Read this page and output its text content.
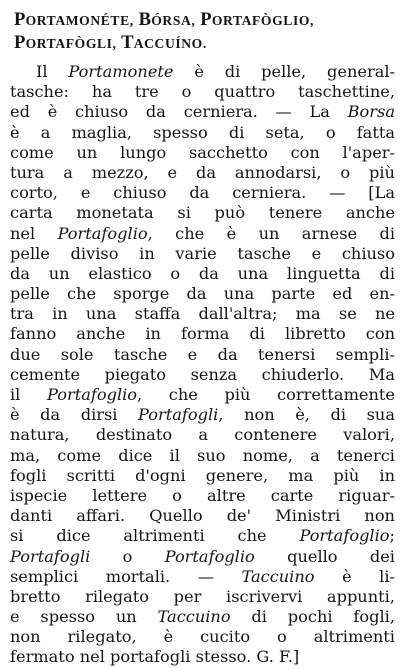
PORTAMONÉTE, BÓRSA, PORTAFÒGLIO,
PORTAFÒGLI, TACCUÍNO.
Il Portamonete è di pelle, general-
tasche: ha tre o quattro taschettine,
ed è chiuso da cerniera. — La Borsa
è a maglia, spesso di seta, o fatta
come un lungo sacchetto con l'aper-
tura a mezzo, e da annodarsi, o più
corto, e chiuso da cerniera. — [La
carta monetata si può tenere anche
nel Portafoglio, che è un arnese di
pelle diviso in varie tasche e chiuso
da un elastico o da una linguetta di
pelle che sporge da una parte ed en-
tra in una staffa dall'altra; ma se ne
fanno anche in forma di libretto con
due sole tasche e da tenersi sempli-
cemente piegato senza chiuderlo. Ma
il Portafoglio, che più correttamente
è da dirsi Portafogli, non è, di sua
natura, destinato a contenere valori,
ma, come dice il suo nome, a tenerci
fogli scritti d'ogni genere, ma più in
ispecie lettere o altre carte riguar-
danti affari. Quello de' Ministri non
si dice altrimenti che Portafoglio;
Portafogli o Portafoglio quello dei
semplici mortali. — Taccuino è li-
bretto rilegato per iscrivervi appunti,
e spesso un Taccuino di pochi fogli,
non rilegato, è cucito o altrimenti
fermato nel portafogli stesso. G. F.]
